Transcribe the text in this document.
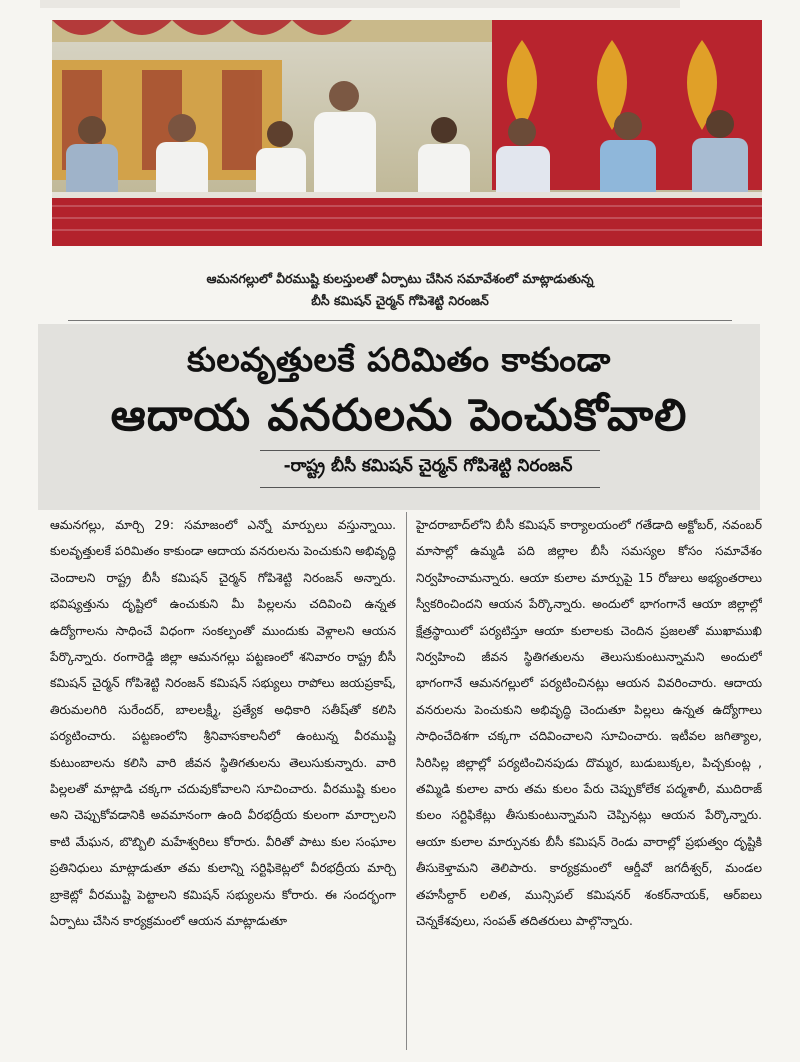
ఆమనగల్లులో వీరముష్టి కులస్తులతో ఏర్పాటు చేసిన సమావేశంలో మాట్లాడుతున్న
బీసీ కమిషన్ చైర్మన్ గోపిశెట్టి నిరంజన్
కులవృత్తులకే పరిమితం కాకుండా
ఆదాయ వనరులను పెంచుకోవాలి
-రాష్ట్ర బీసీ కమిషన్ చైర్మన్ గోపిశెట్టి నిరంజన్
ఆమనగల్లు, మార్చి 29: సమాజంలో ఎన్నో మార్పులు వస్తున్నాయి. కులవృత్తులకే పరిమితం కాకుండా ఆదాయ వనరులను పెంచుకుని అభివృద్ధి చెందాలని రాష్ట్ర బీసీ కమిషన్ చైర్మన్ గోపిశెట్టి నిరంజన్ అన్నారు. భవిష్యత్తును దృష్టిలో ఉంచుకుని మీ పిల్లలను చదివించి ఉన్నత ఉద్యోగాలను సాధించే విధంగా సంకల్పంతో ముందుకు వెళ్లాలని ఆయన పేర్కొన్నారు. రంగారెడ్డి జిల్లా ఆమనగల్లు పట్టణంలో శనివారం రాష్ట్ర బీసీ కమిషన్ చైర్మన్ గోపిశెట్టి నిరంజన్ కమిషన్ సభ్యులు రాపోలు జయప్రకాష్, తిరుమలగిరి సురేందర్, బాలలక్ష్మీ, ప్రత్యేక అధికారి సతీష్‌తో కలిసి పర్యటించారు. పట్టణంలోని శ్రీనివాసకాలనీలో ఉంటున్న వీరముష్టి కుటుంబాలను కలిసి వారి జీవన స్థితిగతులను తెలుసుకున్నారు. వారి పిల్లలతో మాట్లాడి చక్కగా చదువుకోవాలని సూచించారు. వీరముష్టి కులం అని చెప్పుకోవడానికి అవమానంగా ఉంది వీరభద్రీయ కులంగా మార్చాలని కాటి మేఘన, బొబ్బిలి మహేశ్వరిలు కోరారు. వీరితో పాటు కుల సంఘాల ప్రతినిధులు మాట్లాడుతూ తమ కులాన్ని సర్టిఫికెట్లలో వీరభద్రీయ మార్చి బ్రాకెట్లో వీరముష్టి పెట్టాలని కమిషన్ సభ్యులను కోరారు. ఈ సందర్భంగా ఏర్పాటు చేసిన కార్యక్రమంలో ఆయన మాట్లాడుతూ
హైదరాబాద్‌లోని బీసీ కమిషన్ కార్యాలయంలో గతేడాది అక్టోబర్, నవంబర్ మాసాల్లో ఉమ్మడి పది జిల్లాల బీసీ సమస్యల కోసం సమావేశం నిర్వహించామన్నారు. ఆయా కులాల మార్పుపై 15 రోజులు అభ్యంతరాలు స్వీకరించిందని ఆయన పేర్కొన్నారు. అందులో భాగంగానే ఆయా జిల్లాల్లో క్షేత్రస్థాయిలో పర్యటిస్తూ ఆయా కులాలకు చెందిన ప్రజలతో ముఖాముఖి నిర్వహించి జీవన స్థితిగతులను తెలుసుకుంటున్నామని అందులో భాగంగానే ఆమనగల్లులో పర్యటించినట్లు ఆయన వివరించారు. ఆదాయ వనరులను పెంచుకుని అభివృద్ధి చెందుతూ పిల్లలు ఉన్నత ఉద్యోగాలు సాధించేదిశగా చక్కగా చదివించాలని సూచించారు. ఇటీవల జగిత్యాల, సిరిసిల్ల జిల్లాల్లో పర్యటించినపుడు దొమ్మర, బుడుబుక్కల, పిచ్చకుంట్ల , తమ్మిడి కులాల వారు తమ కులం పేరు చెప్పుకోలేక పద్మశాలీ, ముదిరాజ్ కులం సర్టిఫికేట్లు తీసుకుంటున్నామని చెప్పినట్లు ఆయన పేర్కొన్నారు. ఆయా కులాల మార్పునకు బీసీ కమిషన్ రెండు వారాల్లో ప్రభుత్వం దృష్టికి తీసుకెళ్తామని తెలిపారు. కార్యక్రమంలో ఆర్డీవో జగదీశ్వర్, మండల తహసీల్దార్ లలిత, మున్సిపల్ కమిషనర్ శంకర్‌నాయక్, ఆర్‌ఐలు చెన్నకేశవులు, సంపత్ తదితరులు పాల్గొన్నారు.
